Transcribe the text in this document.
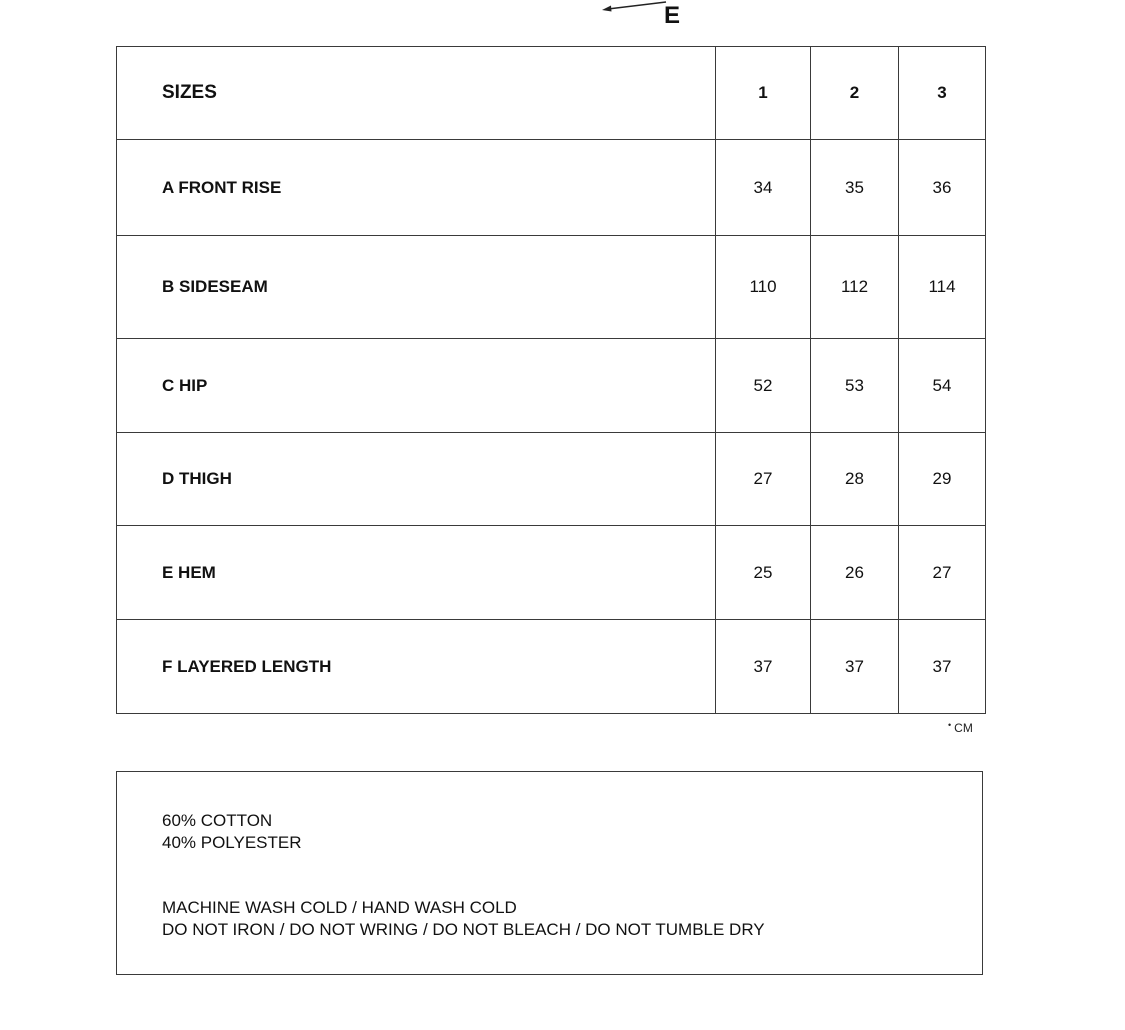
E
SIZES	1	2	3
A FRONT RISE	34	35	36
B SIDESEAM	110	112	114
C HIP	52	53	54
D THIGH	27	28	29
E HEM	25	26	27
F LAYERED LENGTH	37	37	37
• CM
60% COTTON
40% POLYESTER
MACHINE WASH COLD / HAND WASH COLD
DO NOT IRON / DO NOT WRING / DO NOT BLEACH / DO NOT TUMBLE DRY
